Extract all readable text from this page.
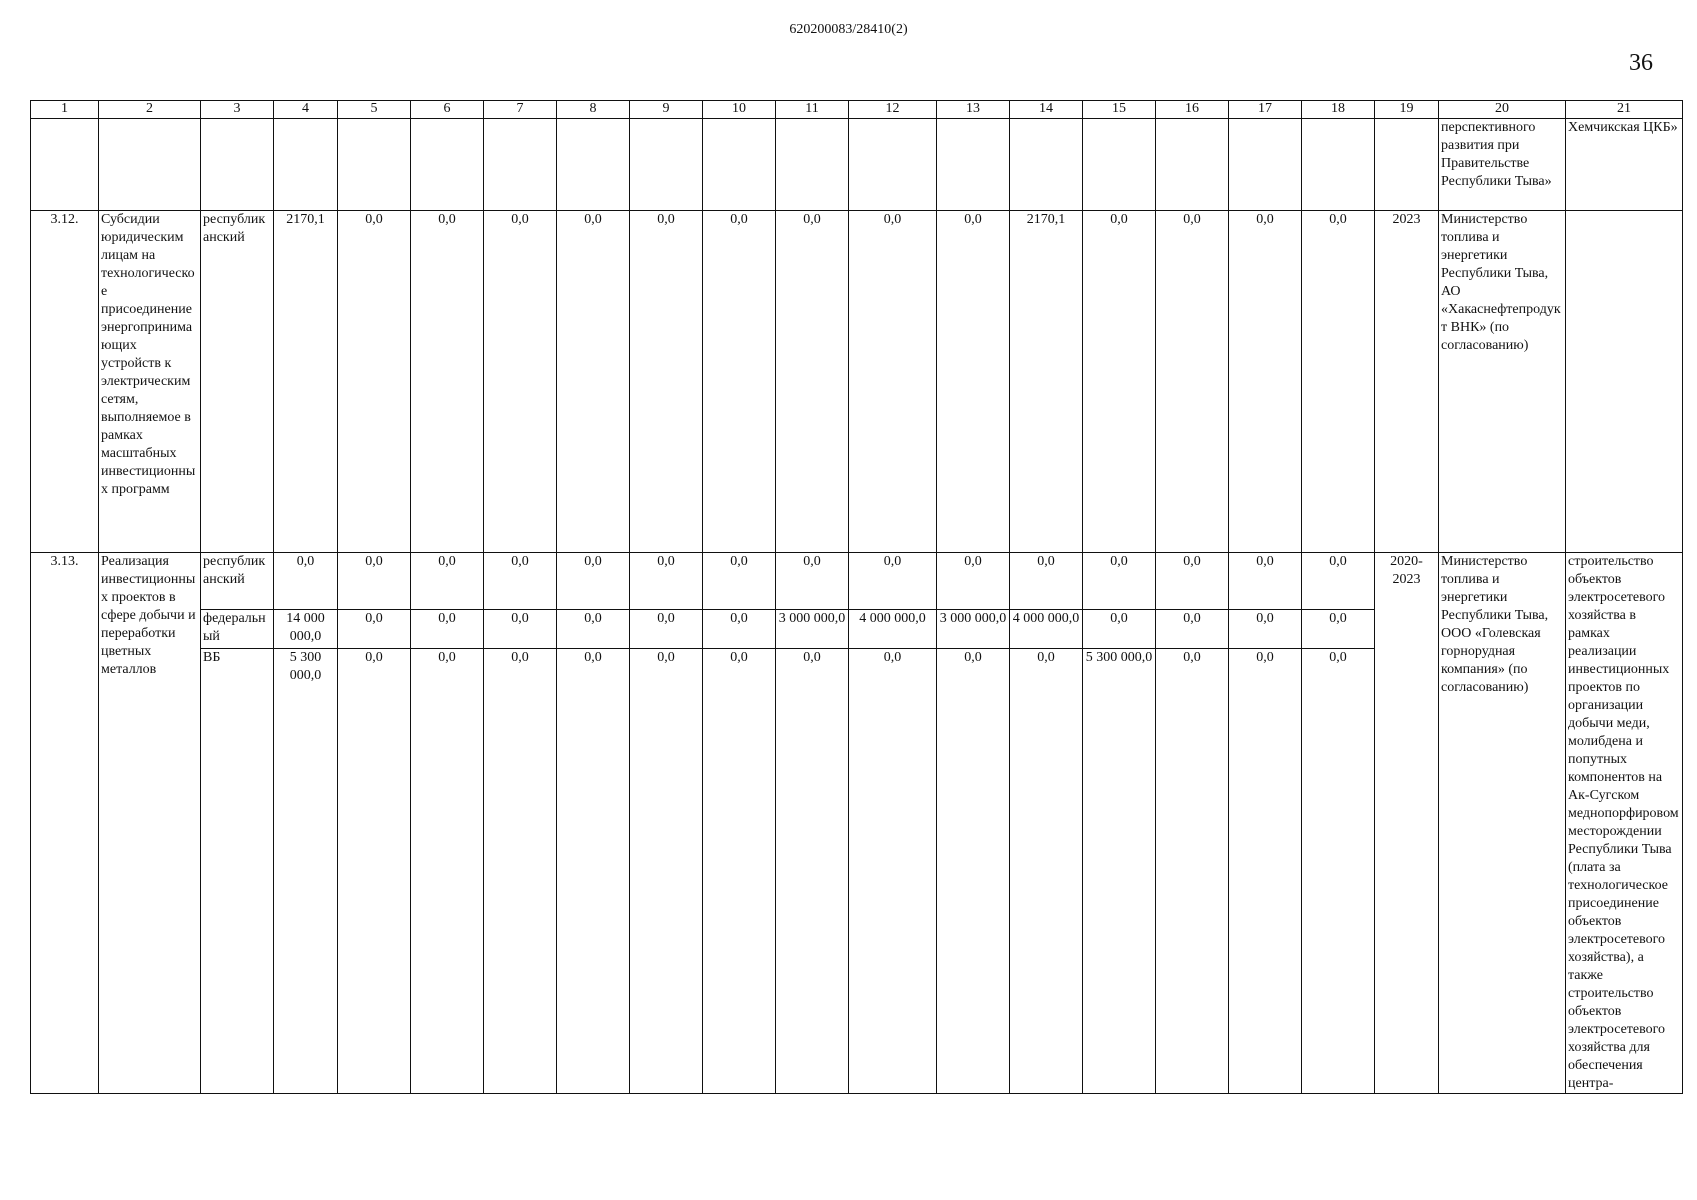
620200083/28410(2)
36
1	2	3	4	5	6	7	8	9	10	11	12	13	14	15	16	17	18	19	20	21
																			перспективного развития при Правительстве Республики Тыва»	Хемчикская ЦКБ»
3.12.	Субсидии юридическим лицам на технологическое присоединение энергопринимающих устройств к электрическим сетям, выполняемое в рамках масштабных инвестиционных программ	республиканский	2170,1	0,0	0,0	0,0	0,0	0,0	0,0	0,0	0,0	0,0	2170,1	0,0	0,0	0,0	0,0	2023	Министерство топлива и энергетики Республики Тыва, АО «Хакаснефтепродукт ВНК» (по согласованию)	
3.13.	Реализация инвестиционных проектов в сфере добычи и переработки цветных металлов	республиканский	0,0	0,0	0,0	0,0	0,0	0,0	0,0	0,0	0,0	0,0	0,0	0,0	0,0	0,0	0,0	2020-2023	Министерство топлива и энергетики Республики Тыва, ООО «Голевская горнорудная компания» (по согласованию)	строительство объектов электросетевого хозяйства в рамках реализации инвестиционных проектов по организации добычи меди, молибдена и попутных компонентов на Ак-Сугском меднопорфировом месторождении Республики Тыва (плата за технологическое присоединение объектов электросетевого хозяйства), а также строительство объектов электросетевого хозяйства для обеспечения центра-
		федеральный	14 000 000,0	0,0	0,0	0,0	0,0	0,0	0,0	3 000 000,0	4 000 000,0	3 000 000,0	4 000 000,0	0,0	0,0	0,0	0,0			
		ВБ	5 300 000,0	0,0	0,0	0,0	0,0	0,0	0,0	0,0	0,0	0,0	0,0	5 300 000,0	0,0	0,0	0,0			
